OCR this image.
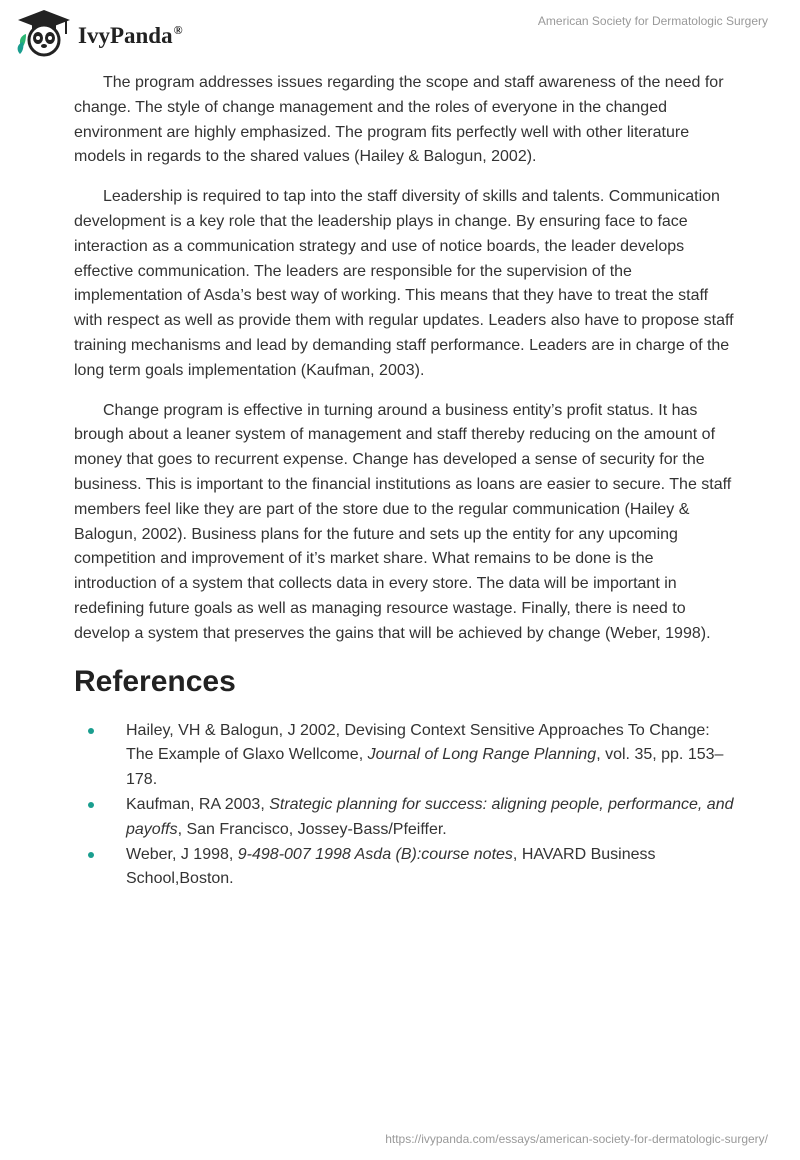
IvyPanda®
American Society for Dermatologic Surgery

The program addresses issues regarding the scope and staff awareness of the need for change. The style of change management and the roles of everyone in the changed environment are highly emphasized. The program fits perfectly well with other literature models in regards to the shared values (Hailey & Balogun, 2002).

Leadership is required to tap into the staff diversity of skills and talents. Communication development is a key role that the leadership plays in change. By ensuring face to face interaction as a communication strategy and use of notice boards, the leader develops effective communication. The leaders are responsible for the supervision of the implementation of Asda’s best way of working. This means that they have to treat the staff with respect as well as provide them with regular updates. Leaders also have to propose staff training mechanisms and lead by demanding staff performance. Leaders are in charge of the long term goals implementation (Kaufman, 2003).

Change program is effective in turning around a business entity’s profit status. It has brough about a leaner system of management and staff thereby reducing on the amount of money that goes to recurrent expense. Change has developed a sense of security for the business. This is important to the financial institutions as loans are easier to secure. The staff members feel like they are part of the store due to the regular communication (Hailey & Balogun, 2002). Business plans for the future and sets up the entity for any upcoming competition and improvement of it’s market share. What remains to be done is the introduction of a system that collects data in every store. The data will be important in redefining future goals as well as managing resource wastage. Finally, there is need to develop a system that preserves the gains that will be achieved by change (Weber, 1998).

References
Hailey, VH & Balogun, J 2002, Devising Context Sensitive Approaches To Change: The Example of Glaxo Wellcome, Journal of Long Range Planning, vol. 35, pp. 153–178.
Kaufman, RA 2003, Strategic planning for success: aligning people, performance, and payoffs, San Francisco, Jossey-Bass/Pfeiffer.
Weber, J 1998, 9-498-007 1998 Asda (B):course notes, HAVARD Business School,Boston.
https://ivypanda.com/essays/american-society-for-dermatologic-surgery/
